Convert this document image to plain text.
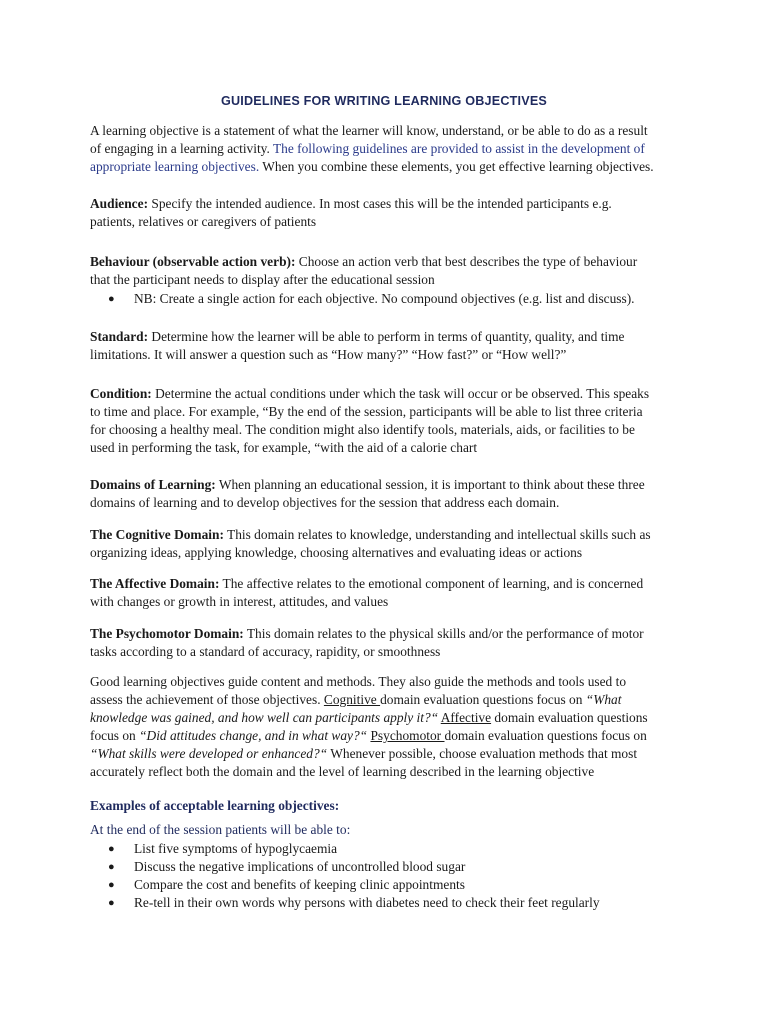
GUIDELINES FOR WRITING LEARNING OBJECTIVES
A learning objective is a statement of what the learner will know, understand, or be able to do as a result
of engaging in a learning activity. The following guidelines are provided to assist in the development of
appropriate learning objectives. When you combine these elements, you get effective learning objectives.
Audience: Specify the intended audience. In most cases this will be the intended participants e.g.
patients, relatives or caregivers of patients
Behaviour (observable action verb): Choose an action verb that best describes the type of behaviour
that the participant needs to display after the educational session
● NB: Create a single action for each objective. No compound objectives (e.g. list and discuss).
Standard: Determine how the learner will be able to perform in terms of quantity, quality, and time
limitations. It will answer a question such as “How many?” “How fast?” or “How well?”
Condition: Determine the actual conditions under which the task will occur or be observed. This speaks
to time and place. For example, “By the end of the session, participants will be able to list three criteria
for choosing a healthy meal. The condition might also identify tools, materials, aids, or facilities to be
used in performing the task, for example, “with the aid of a calorie chart
Domains of Learning: When planning an educational session, it is important to think about these three
domains of learning and to develop objectives for the session that address each domain.
The Cognitive Domain: This domain relates to knowledge, understanding and intellectual skills such as
organizing ideas, applying knowledge, choosing alternatives and evaluating ideas or actions
The Affective Domain: The affective relates to the emotional component of learning, and is concerned
with changes or growth in interest, attitudes, and values
The Psychomotor Domain: This domain relates to the physical skills and/or the performance of motor
tasks according to a standard of accuracy, rapidity, or smoothness
Good learning objectives guide content and methods. They also guide the methods and tools used to
assess the achievement of those objectives. Cognitive domain evaluation questions focus on “What
knowledge was gained, and how well can participants apply it?“ Affective domain evaluation questions
focus on “Did attitudes change, and in what way?“ Psychomotor domain evaluation questions focus on
“What skills were developed or enhanced?“ Whenever possible, choose evaluation methods that most
accurately reflect both the domain and the level of learning described in the learning objective
Examples of acceptable learning objectives:
At the end of the session patients will be able to:
● List five symptoms of hypoglycaemia
● Discuss the negative implications of uncontrolled blood sugar
● Compare the cost and benefits of keeping clinic appointments
● Re-tell in their own words why persons with diabetes need to check their feet regularly
